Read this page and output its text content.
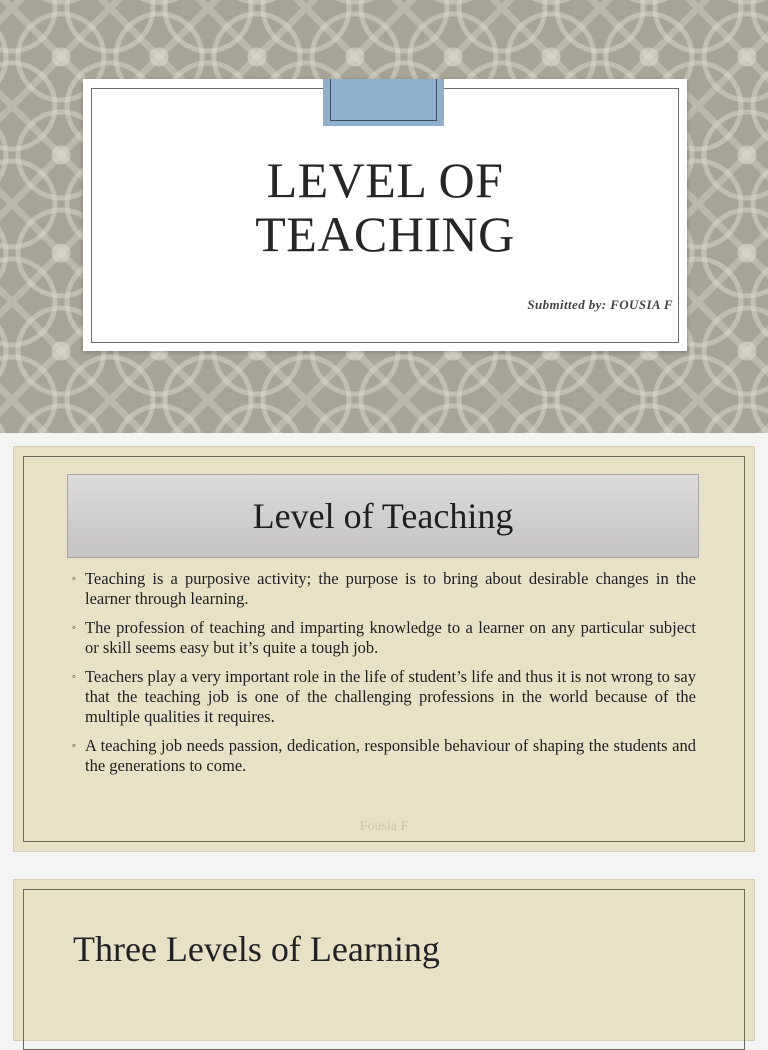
LEVEL OF
TEACHING
Submitted by: FOUSIA F
Level of Teaching
◦ Teaching is a purposive activity; the purpose is to bring about desirable changes in the learner through learning.
◦ The profession of teaching and imparting knowledge to a learner on any particular subject or skill seems easy but it’s quite a tough job.
◦ Teachers play a very important role in the life of student’s life and thus it is not wrong to say that the teaching job is one of the challenging professions in the world because of the multiple qualities it requires.
◦ A teaching job needs passion, dedication, responsible behaviour of shaping the students and the generations to come.
Fousia F
Three Levels of Learning
